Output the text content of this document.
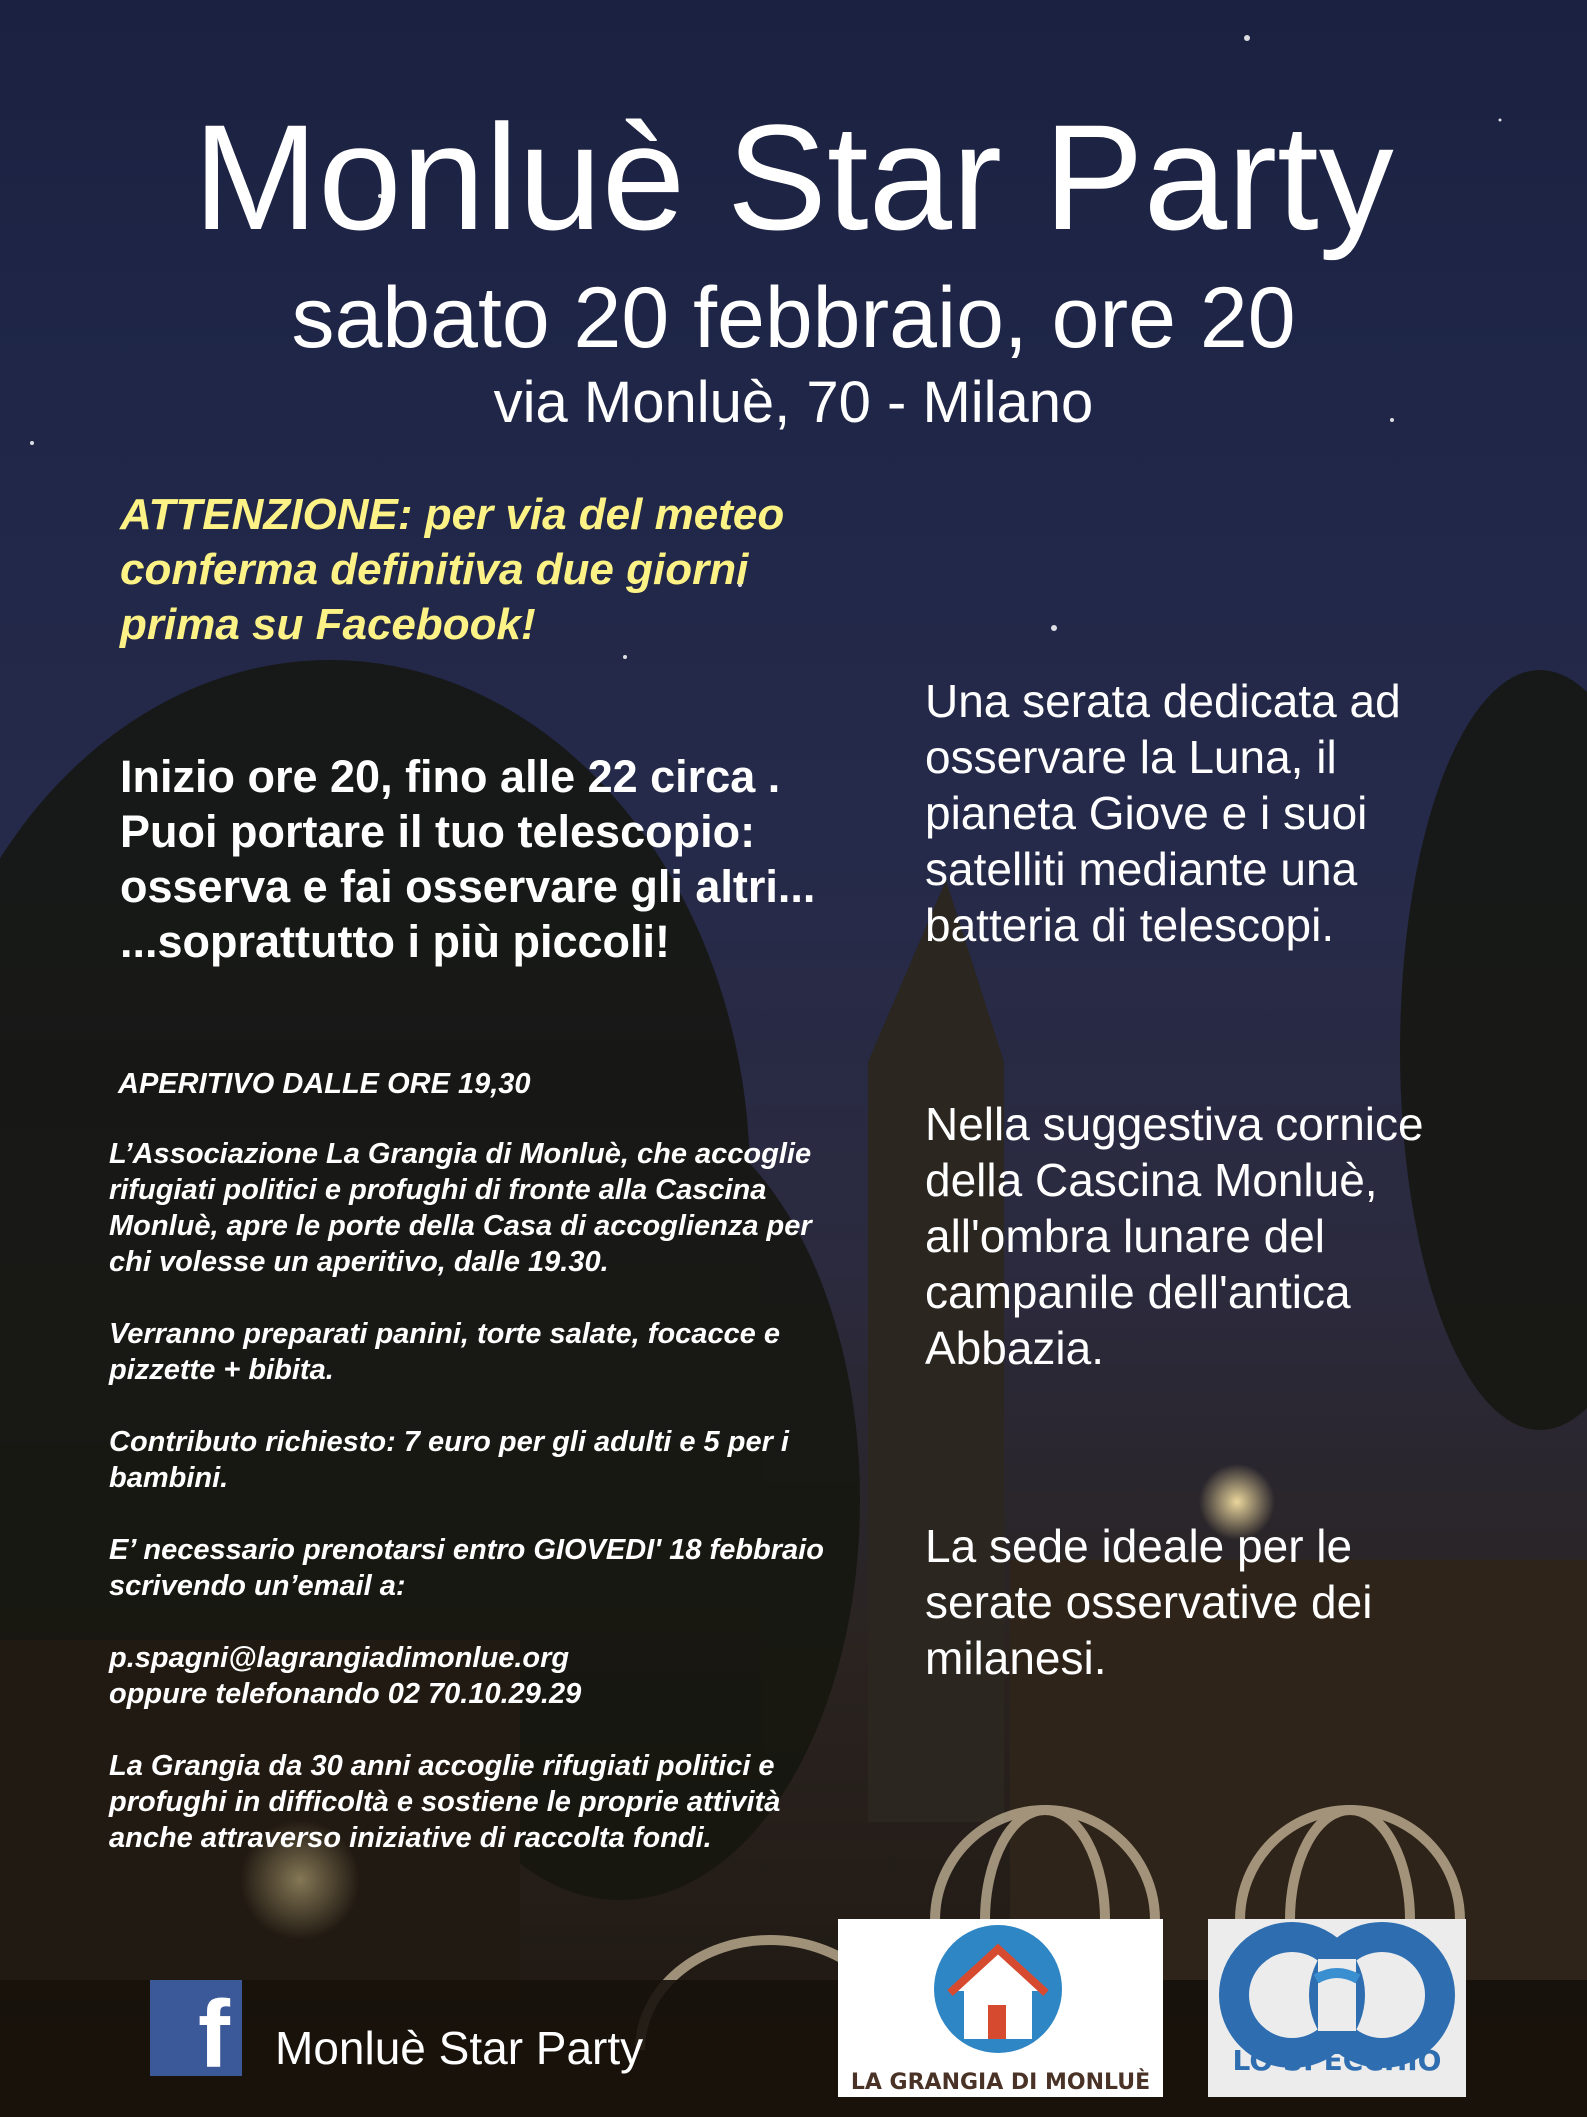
Monluè Star Party
sabato 20 febbraio, ore 20
via Monluè, 70 - Milano
ATTENZIONE: per via del meteo conferma definitiva due giorni prima su Facebook!
Inizio ore 20, fino alle 22 circa . Puoi portare il tuo telescopio: osserva e fai osservare gli altri... ...soprattutto i più piccoli!
APERITIVO DALLE ORE 19,30

L’Associazione La Grangia di Monluè, che accoglie rifugiati politici e profughi di fronte alla Cascina Monluè, apre le porte della Casa di accoglienza per chi volesse un aperitivo, dalle 19.30.

Verranno preparati panini, torte salate, focacce e pizzette + bibita.

Contributo richiesto: 7 euro per gli adulti e 5 per i bambini.

E’ necessario prenotarsi entro GIOVEDI' 18 febbraio scrivendo un’email a:

p.spagni@lagrangiadimonlue.org
oppure telefonando 02 70.10.29.29

La Grangia da 30 anni accoglie rifugiati politici e profughi in difficoltà e sostiene le proprie attività anche attraverso iniziative di raccolta fondi.

Una serata dedicata ad
osservare la Luna, il
pianeta Giove e i suoi
satelliti mediante una
batteria di telescopi.
Nella suggestiva cornice
della Cascina Monluè,
all'ombra lunare del
campanile dell'antica
Abbazia.
La sede ideale per le
serate osservative dei
milanesi.
f Monluè Star Party
LA GRANGIA DI MONLUÈ
LO SPECCHIO
